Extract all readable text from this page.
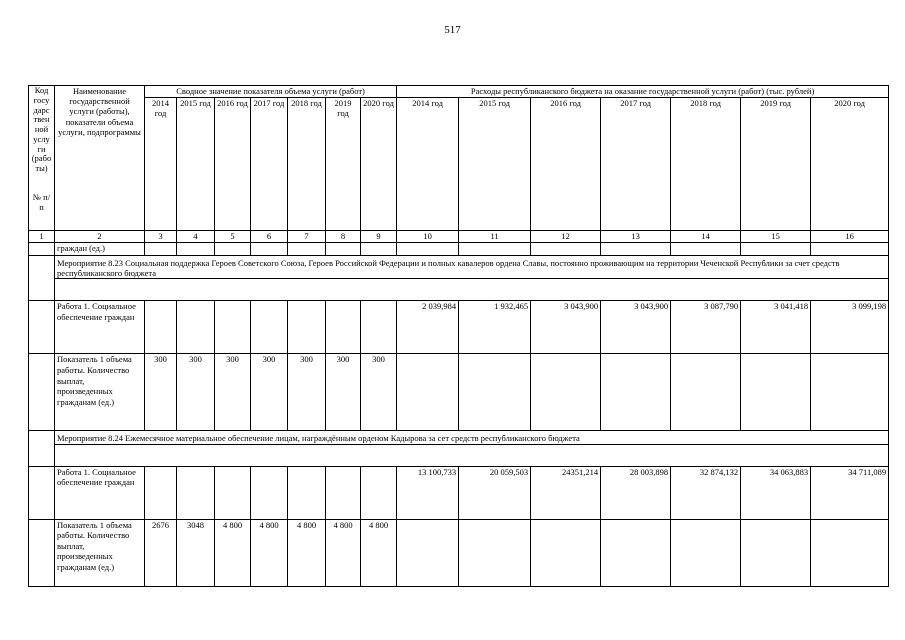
517
Код госу дарс твен ной услу ги (рабо ты)

№ п/п	Наименование государственной услуги (работы), показатели объема услуги, подпрограммы	Сводное значение показателя объема услуги (работ)							Расходы республиканского бюджета на оказание государственной услуги (работ) (тыс. рублей)						
		2014 год	2015 год	2016 год	2017 год	2018 год	2019 год	2020 год	2014 год	2015 год	2016 год	2017 год	2018 год	2019 год	2020 год
1	2	3	4	5	6	7	8	9	10	11	12	13	14	15	16
	граждан (ед.)														
	Мероприятие 8.23 Социальная поддержка Героев Советского Союза, Героев Российской Федерации и полных кавалеров ордена Славы, постоянно проживающим на территории Чеченской Республики за счет средств республиканского бюджета														

	Работа 1. Социальное обеспечение граждан								2 039,984	1 932,465	3 043,900	3 043,900	3 087,790	3 041,418	3 099,198
	Показатель 1 объема работы. Количество выплат, произведенных гражданам (ед.)	300	300	300	300	300	300	300							
	Мероприятие 8.24 Ежемесячное материальное обеспечение лицам, награждённым орденом Кадырова за сет средств республиканского бюджета														

	Работа 1. Социальное обеспечение граждан								13 100,733	20 059,503	24351,214	28 003,898	32 874,132	34 063,883	34 711,089
	Показатель 1 объема работы. Количество выплат, произведенных гражданам (ед.)	2676	3048	4 800	4 800	4 800	4 800	4 800							
